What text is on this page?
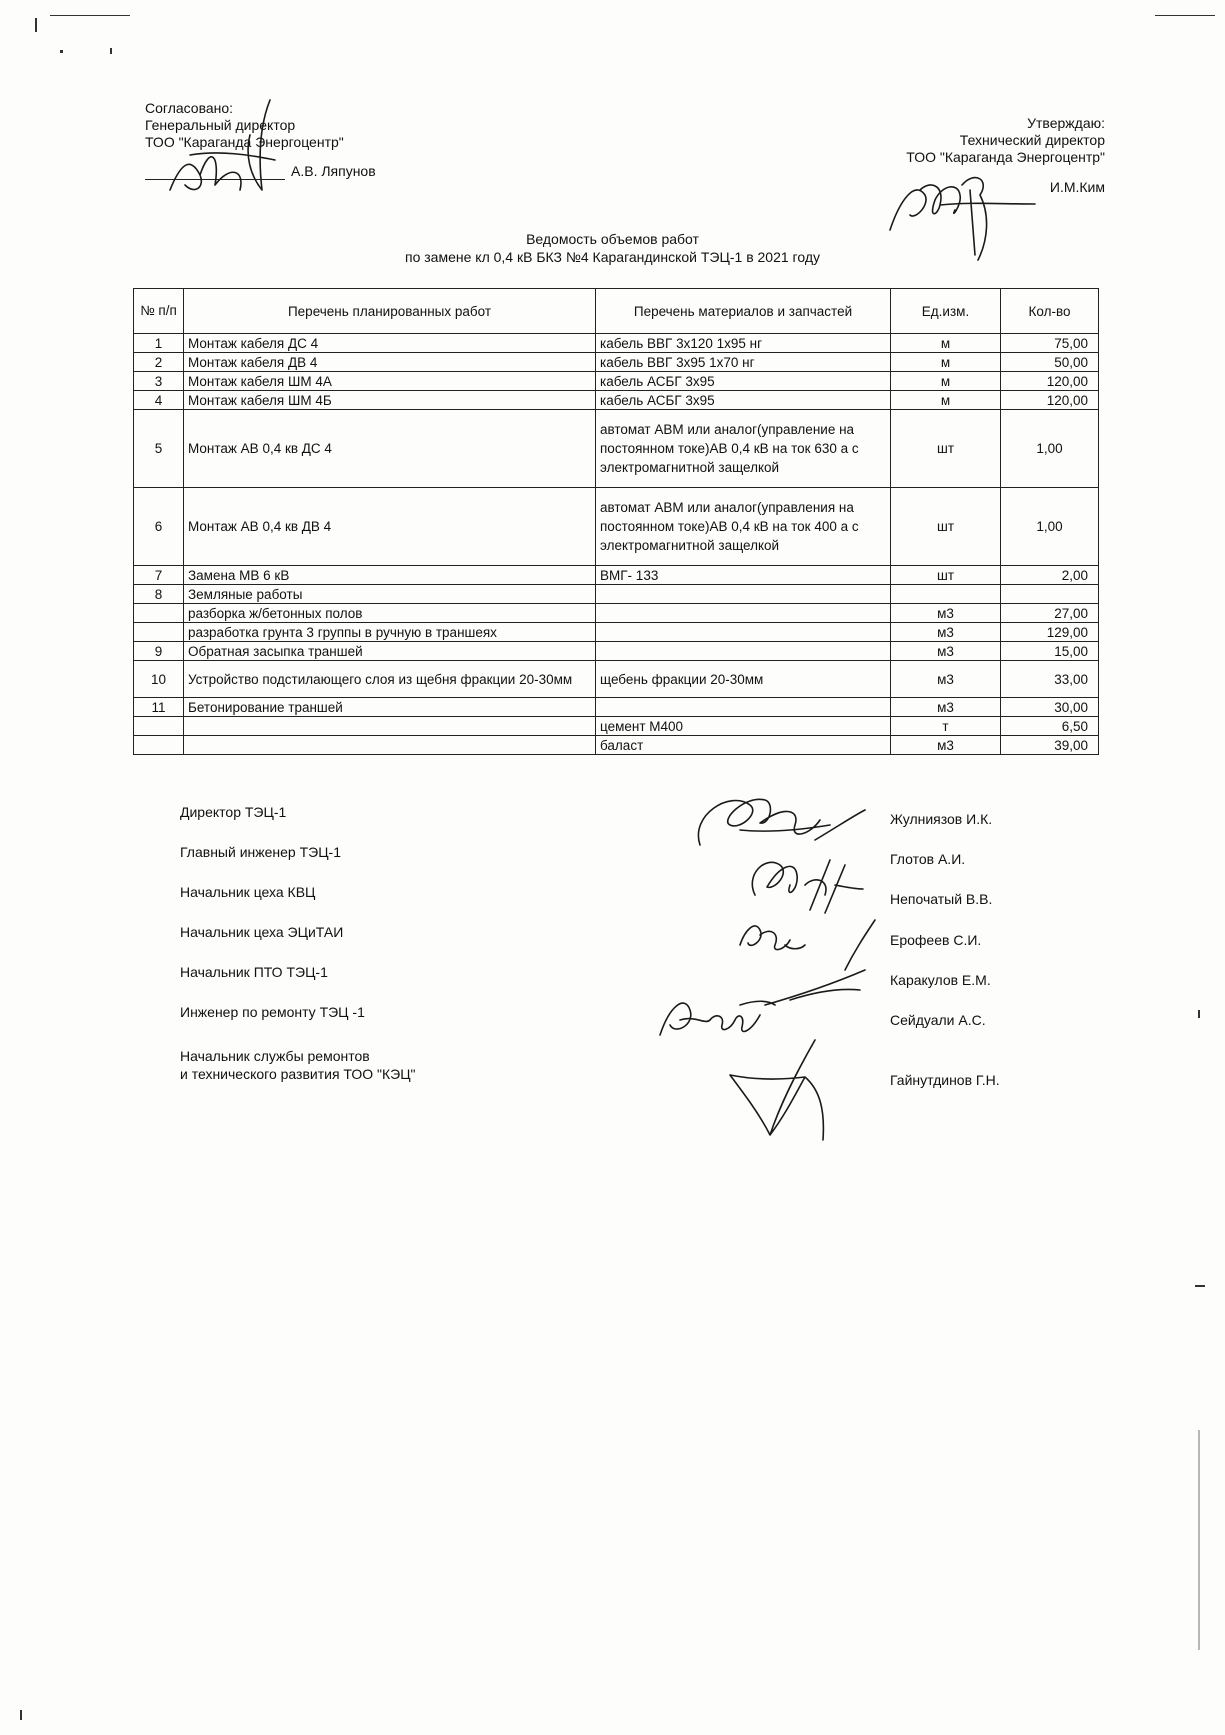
Согласовано:
Генеральный директор
ТОО "Караганда Энергоцентр"
А.В. Ляпунов
Утверждаю:
Технический директор
ТОО "Караганда Энергоцентр"
И.М.Ким
Ведомость объемов работ
по замене кл 0,4 кВ БКЗ №4 Карагандинской ТЭЦ-1 в 2021 году
№ п/п	Перечень планированных работ	Перечень материалов и запчастей	Ед.изм.	Кол-во
1	Монтаж кабеля ДС 4	кабель ВВГ 3х120 1х95 нг	м	75,00
2	Монтаж кабеля ДВ 4	кабель ВВГ 3х95 1х70 нг	м	50,00
3	Монтаж кабеля ШМ 4А	кабель АСБГ 3х95	м	120,00
4	Монтаж кабеля ШМ 4Б	кабель АСБГ 3х95	м	120,00
5	Монтаж АВ 0,4 кв ДС 4	автомат АВМ или аналог(управление на постоянном токе)АВ 0,4 кВ на ток 630 а с электромагнитной защелкой	шт	1,00
6	Монтаж АВ 0,4 кв ДВ 4	автомат АВМ или аналог(управления на постоянном токе)АВ 0,4 кВ на ток 400 а с электромагнитной защелкой	шт	1,00
7	Замена МВ 6 кВ	ВМГ- 133	шт	2,00
8	Земляные работы			
	разборка ж/бетонных полов		м3	27,00
	разработка грунта 3 группы в ручную в траншеях		м3	129,00
9	Обратная засыпка траншей		м3	15,00
10	Устройство подстилающего слоя из щебня фракции 20-30мм	щебень фракции 20-30мм	м3	33,00
11	Бетонирование траншей		м3	30,00
		цемент М400	т	6,50
		баласт	м3	39,00
Директор ТЭЦ-1	Жулниязов И.К.
Главный инженер ТЭЦ-1	Глотов А.И.
Начальник цеха КВЦ	Непочатый В.В.
Начальник цеха ЭЦиТАИ	Ерофеев С.И.
Начальник ПТО ТЭЦ-1	Каракулов Е.М.
Инженер по ремонту ТЭЦ -1	Сейдуали А.С.
Начальник службы ремонтов
и технического развития ТОО "КЭЦ"	Гайнутдинов Г.Н.
